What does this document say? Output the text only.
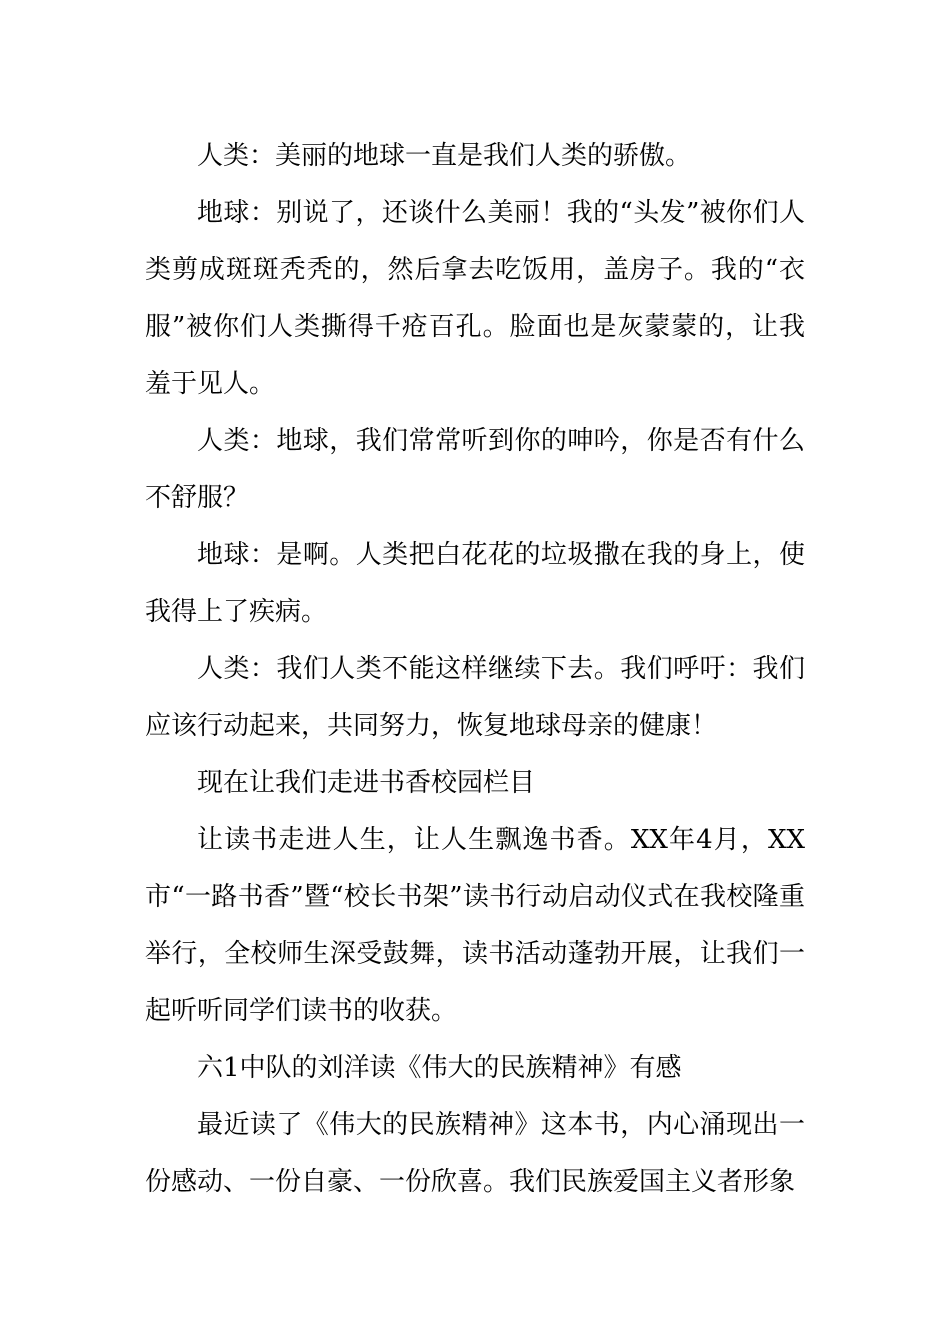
人类：美丽的地球一直是我们人类的骄傲。

地球：别说了，还谈什么美丽！我的“头发”被你们人类剪成斑斑秃秃的，然后拿去吃饭用，盖房子。我的“衣服”被你们人类撕得千疮百孔。脸面也是灰蒙蒙的，让我羞于见人。

人类：地球，我们常常听到你的呻吟，你是否有什么不舒服？

地球：是啊。人类把白花花的垃圾撒在我的身上，使我得上了疾病。

人类：我们人类不能这样继续下去。我们呼吁：我们应该行动起来，共同努力，恢复地球母亲的健康！

现在让我们走进书香校园栏目

让读书走进人生，让人生飘逸书香。XX年4月，XX市“一路书香”暨“校长书架”读书行动启动仪式在我校隆重举行，全校师生深受鼓舞，读书活动蓬勃开展，让我们一起听听同学们读书的收获。

六1中队的刘洋读《伟大的民族精神》有感

最近读了《伟大的民族精神》这本书，内心涌现出一份感动、一份自豪、一份欣喜。我们民族爱国主义者形象
